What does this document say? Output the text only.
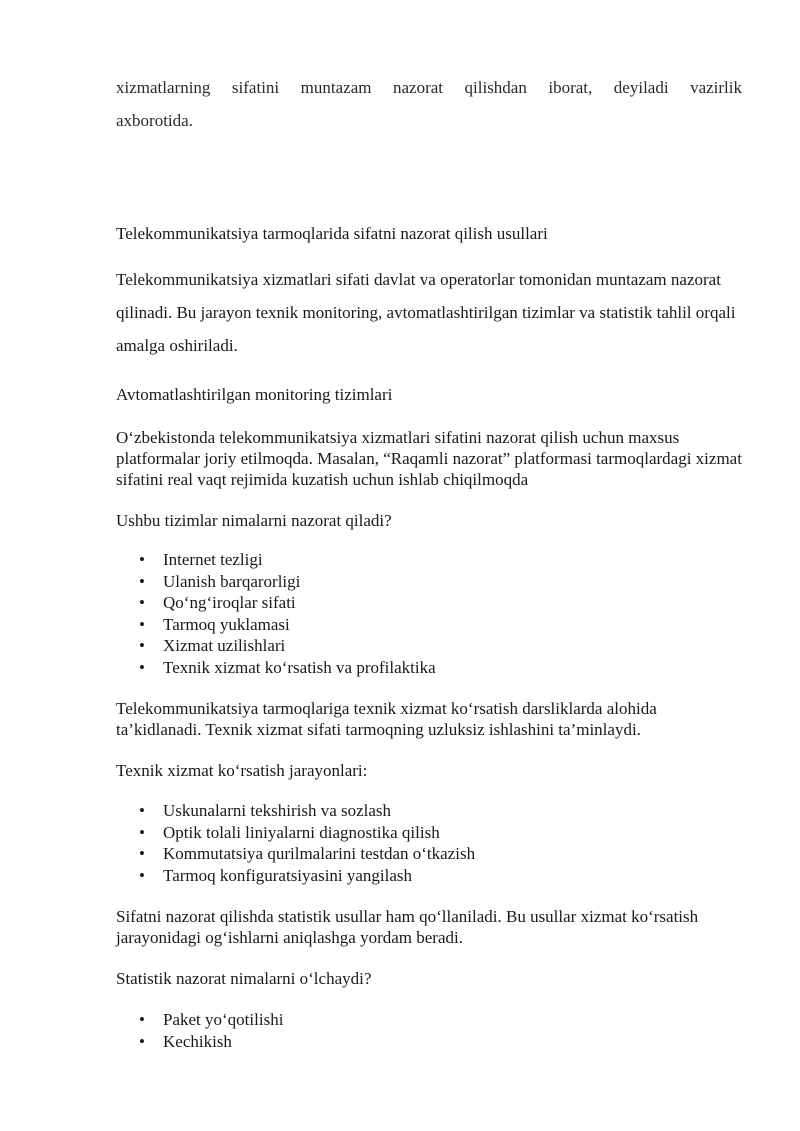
xizmatlarning sifatini muntazam nazorat qilishdan iborat, deyiladi vazirlik
axborotida.

Telekommunikatsiya tarmoqlarida sifatni nazorat qilish usullari

Telekommunikatsiya xizmatlari sifati davlat va operatorlar tomonidan muntazam nazorat qilinadi. Bu jarayon texnik monitoring, avtomatlashtirilgan tizimlar va statistik tahlil orqali amalga oshiriladi.

Avtomatlashtirilgan monitoring tizimlari

O‘zbekistonda telekommunikatsiya xizmatlari sifatini nazorat qilish uchun maxsus platformalar joriy etilmoqda. Masalan, “Raqamli nazorat” platformasi tarmoqlardagi xizmat sifatini real vaqt rejimida kuzatish uchun ishlab chiqilmoqda

Ushbu tizimlar nimalarni nazorat qiladi?

• Internet tezligi
• Ulanish barqarorligi
• Qo‘ng‘iroqlar sifati
• Tarmoq yuklamasi
• Xizmat uzilishlari
• Texnik xizmat ko‘rsatish va profilaktika

Telekommunikatsiya tarmoqlariga texnik xizmat ko‘rsatish darsliklarda alohida ta’kidlanadi. Texnik xizmat sifati tarmoqning uzluksiz ishlashini ta’minlaydi.

Texnik xizmat ko‘rsatish jarayonlari:

• Uskunalarni tekshirish va sozlash
• Optik tolali liniyalarni diagnostika qilish
• Kommutatsiya qurilmalarini testdan o‘tkazish
• Tarmoq konfiguratsiyasini yangilash

Sifatni nazorat qilishda statistik usullar ham qo‘llaniladi. Bu usullar xizmat ko‘rsatish jarayonidagi og‘ishlarni aniqlashga yordam beradi.

Statistik nazorat nimalarni o‘lchaydi?

• Paket yo‘qotilishi
• Kechikish
